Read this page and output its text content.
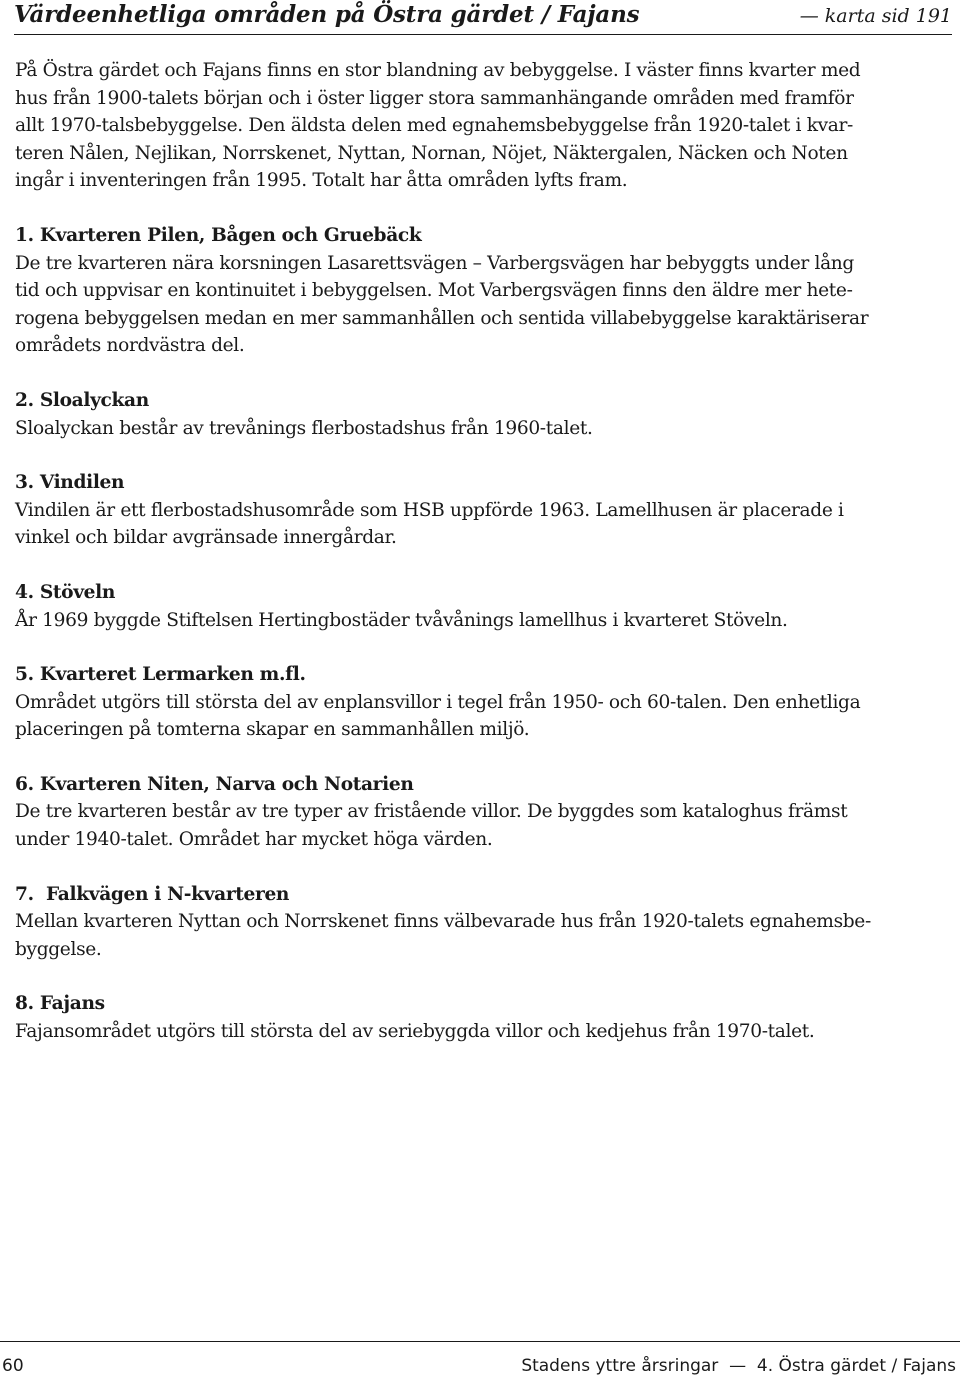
Värdeenhetliga områden på Östra gärdet / Fajans	— karta sid 191

På Östra gärdet och Fajans finns en stor blandning av bebyggelse. I väster finns kvarter med
hus från 1900-talets början och i öster ligger stora sammanhängande områden med framför
allt 1970-talsbebyggelse. Den äldsta delen med egnahemsbebyggelse från 1920-talet i kvar-
teren Nålen, Nejlikan, Norrskenet, Nyttan, Nornan, Nöjet, Näktergalen, Näcken och Noten
ingår i inventeringen från 1995. Totalt har åtta områden lyfts fram.

1. Kvarteren Pilen, Bågen och Gruebäck

De tre kvarteren nära korsningen Lasarettsvägen – Varbergsvägen har bebyggts under lång
tid och uppvisar en kontinuitet i bebyggelsen. Mot Varbergsvägen finns den äldre mer hete-
rogena bebyggelsen medan en mer sammanhållen och sentida villabebyggelse karaktäriserar
områdets nordvästra del.

2. Sloalyckan

Sloalyckan består av trevånings flerbostadshus från 1960-talet.

3. Vindilen

Vindilen är ett flerbostadshusområde som HSB uppförde 1963. Lamellhusen är placerade i
vinkel och bildar avgränsade innergårdar.

4. Stöveln

År 1969 byggde Stiftelsen Hertingbostäder tvåvånings lamellhus i kvarteret Stöveln.

5. Kvarteret Lermarken m.fl.

Området utgörs till största del av enplansvillor i tegel från 1950- och 60-talen. Den enhetliga
placeringen på tomterna skapar en sammanhållen miljö.

6. Kvarteren Niten, Narva och Notarien

De tre kvarteren består av tre typer av fristående villor. De byggdes som kataloghus främst
under 1940-talet. Området har mycket höga värden.

7.  Falkvägen i N-kvarteren

Mellan kvarteren Nyttan och Norrskenet finns välbevarade hus från 1920-talets egnahemsbe-
byggelse.

8. Fajans

Fajansområdet utgörs till största del av seriebyggda villor och kedjehus från 1970-talet.

60	Stadens yttre årsringar  —  4. Östra gärdet / Fajans
